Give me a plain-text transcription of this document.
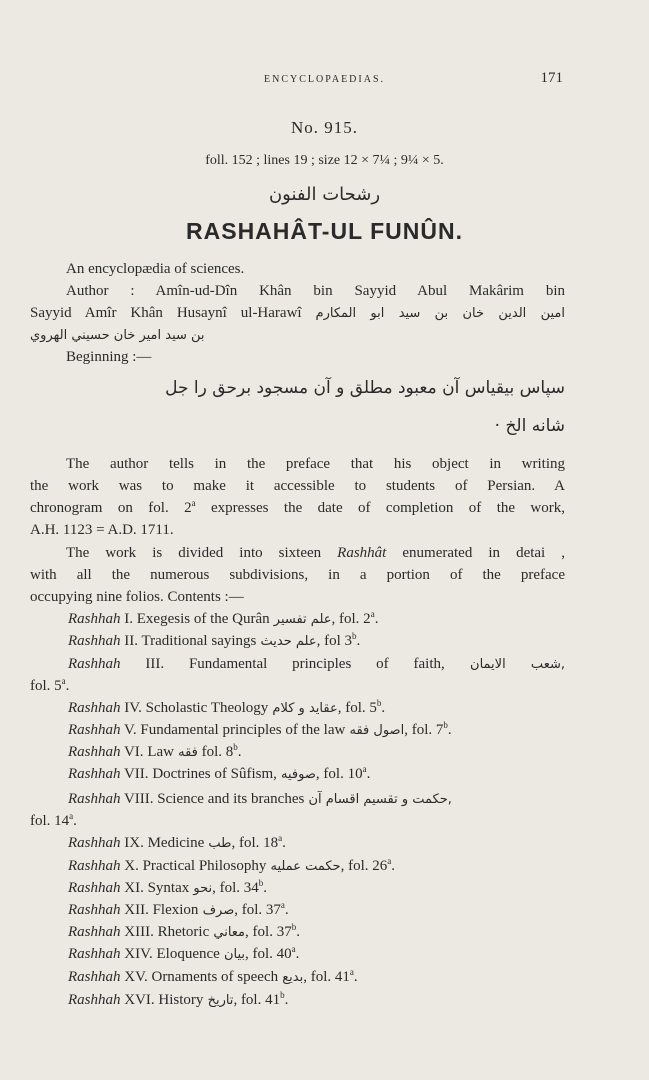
ENCYCLOPAEDIAS.	171
No. 915.
foll. 152 ; lines 19 ; size 12 × 7¼ ; 9¼ × 5.
رشحات الفنون
RASHAHÂT-UL FUNÛN.
An encyclopædia of sciences.
Author : Amîn-ud-Dîn Khân bin Sayyid Abul Makârim bin
Sayyid Amîr Khân Husaynî ul-Harawî امين الدين خان بن سيد ابو المكارم
بن سيد امير خان حسيني الهروي
Beginning :—
سپاس بيقياس آن معبود مطلق و آن مسجود برحق را جل
شانه الخ ·
The author tells in the preface that his object in writing
the work was to make it accessible to students of Persian. A
chronogram on fol. 2$^a$ expresses the date of completion of the work,
A.H. 1123 = A.D. 1711.
The work is divided into sixteen Rashhât enumerated in detai ,
with all the numerous subdivisions, in a portion of the preface
occupying nine folios. Contents :—
Rashhah I. Exegesis of the Qurân علم تفسير, fol. 2$^a$.
Rashhah II. Traditional sayings علم حديث, fol 3$^b$.
Rashhah III. Fundamental principles of faith, شعب الايمان,
fol. 5$^a$.
Rashhah IV. Scholastic Theology عقايد و كلام, fol. 5$^b$.
Rashhah V. Fundamental principles of the law اصول فقه, fol. 7$^b$.
Rashhah VI. Law فقه fol. 8$^b$.
Rashhah VII. Doctrines of Sûfism, صوفيه, fol. 10$^a$.
Rashhah VIII. Science and its branches حكمت و تقسيم اقسام آن,
fol. 14$^a$.
Rashhah IX. Medicine طب, fol. 18$^a$.
Rashhah X. Practical Philosophy حكمت عمليه, fol. 26$^a$.
Rashhah XI. Syntax نحو, fol. 34$^b$.
Rashhah XII. Flexion صرف, fol. 37$^a$.
Rashhah XIII. Rhetoric معاني, fol. 37$^b$.
Rashhah XIV. Eloquence بيان, fol. 40$^a$.
Rashhah XV. Ornaments of speech بديع, fol. 41$^a$.
Rashhah XVI. History تاريخ, fol. 41$^b$.
